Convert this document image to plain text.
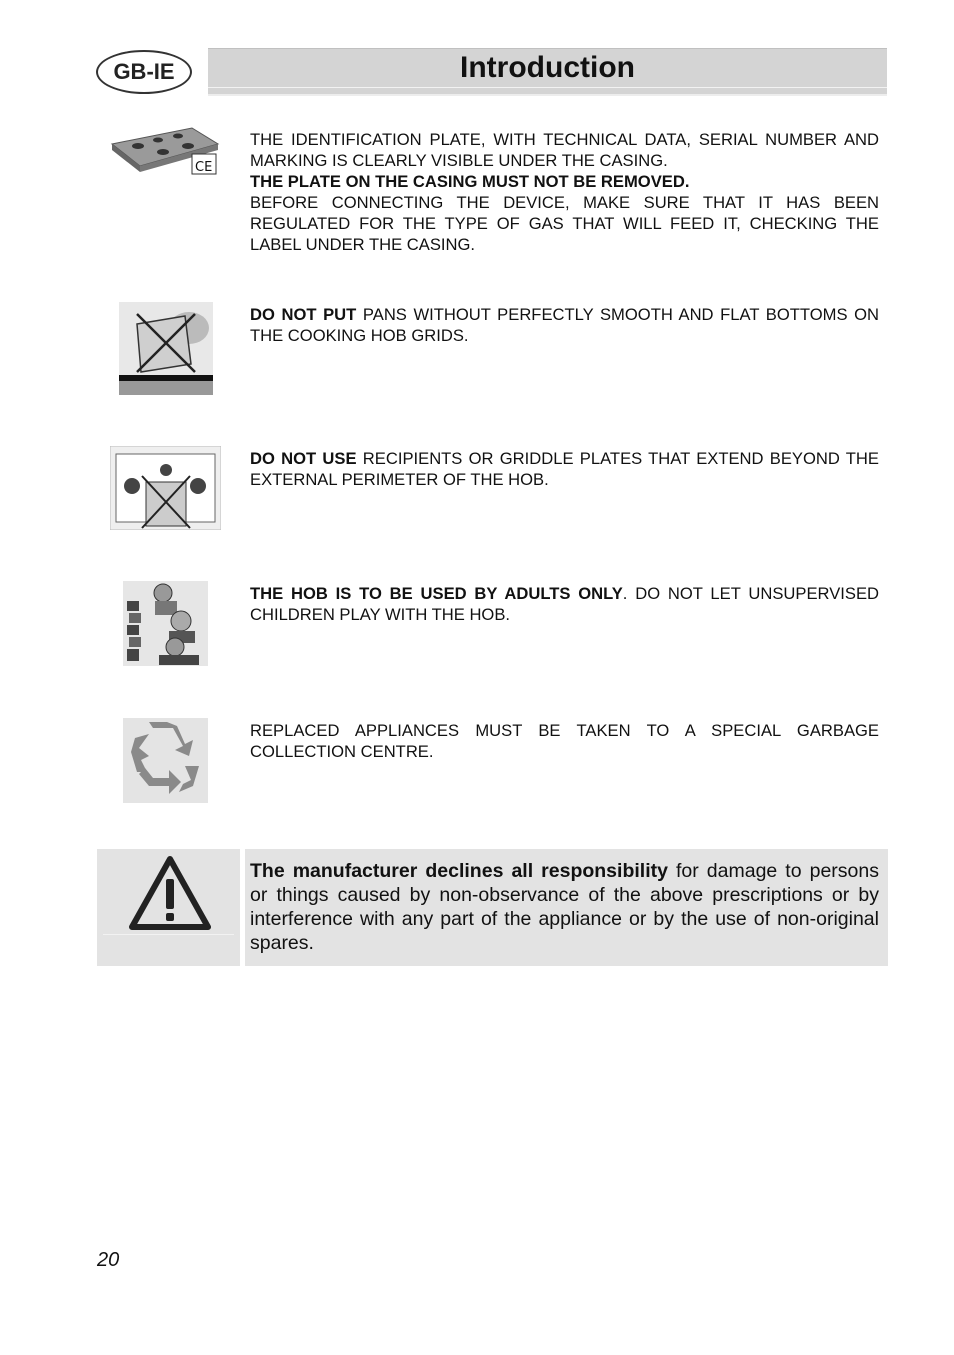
GB-IE	Introduction
CE
THE IDENTIFICATION PLATE, WITH TECHNICAL DATA, SERIAL NUMBER AND MARKING IS CLEARLY VISIBLE UNDER THE CASING.
THE PLATE ON THE CASING MUST NOT BE REMOVED.
BEFORE CONNECTING THE DEVICE, MAKE SURE THAT IT HAS BEEN REGULATED FOR THE TYPE OF GAS THAT WILL FEED IT, CHECKING THE LABEL UNDER THE CASING.
DO NOT PUT PANS WITHOUT PERFECTLY SMOOTH AND FLAT BOTTOMS ON THE COOKING HOB GRIDS.
DO NOT USE RECIPIENTS OR GRIDDLE PLATES THAT EXTEND BEYOND THE EXTERNAL PERIMETER OF THE HOB.
THE HOB IS TO BE USED BY ADULTS ONLY. DO NOT LET UNSUPERVISED CHILDREN PLAY WITH THE HOB.
REPLACED APPLIANCES MUST BE TAKEN TO A SPECIAL GARBAGE COLLECTION CENTRE.
The manufacturer declines all responsibility for damage to persons or things caused by non-observance of the above prescriptions or by interference with any part of the appliance or by the use of non-original spares.
20
